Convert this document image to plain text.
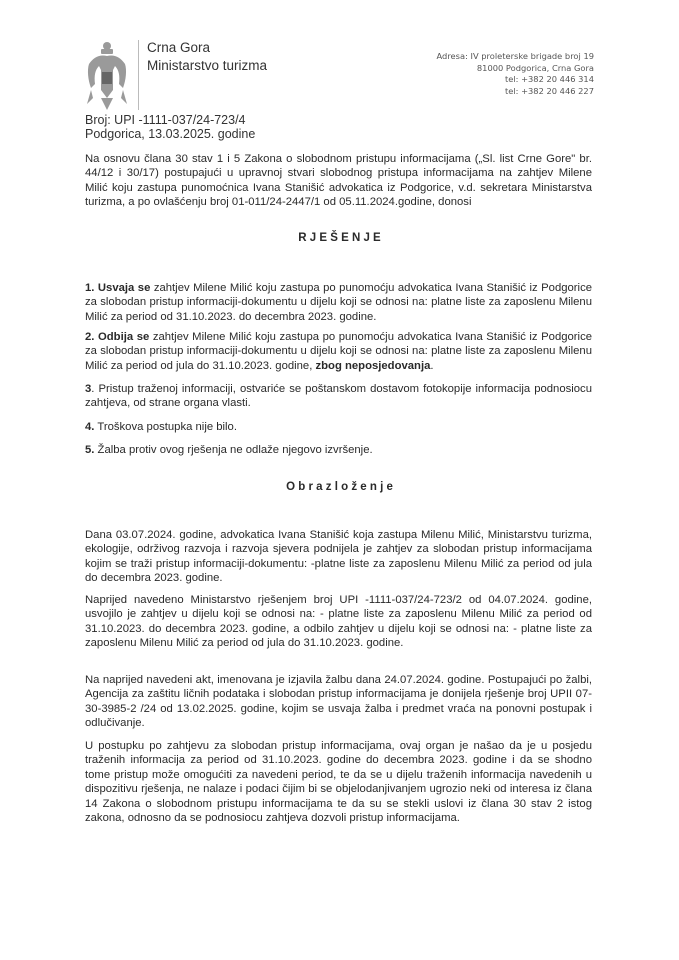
Crna Gora
Ministarstvo turizma
Adresa: IV proleterske brigade broj 19
81000 Podgorica, Crna Gora
tel: +382 20 446 314
tel: +382 20 446 227
Broj: UPI -1111-037/24-723/4
Podgorica, 13.03.2025. godine
Na osnovu člana 30 stav 1 i 5 Zakona o slobodnom pristupu informacijama („Sl. list Crne Gore" br.
44/12 i 30/17) postupajući u upravnoj stvari slobodnog pristupa informacijama na zahtjev Milene
Milić koju zastupa punomoćnica Ivana Stanišić advokatica iz Podgorice, v.d. sekretara Ministarstva
turizma, a po ovlašćenju broj 01-011/24-2447/1 od 05.11.2024.godine, donosi
R J E Š E N J E
1. Usvaja se zahtjev Milene Milić koju zastupa po punomoćju advokatica Ivana Stanišić iz Podgorice
za slobodan pristup informaciji-dokumentu u dijelu koji se odnosi na: platne liste za zaposlenu Milenu
Milić za period od 31.10.2023. do decembra 2023. godine.
2. Odbija se zahtjev Milene Milić koju zastupa po punomoćju advokatica Ivana Stanišić iz Podgorice
za slobodan pristup informaciji-dokumentu u dijelu koji se odnosi na: platne liste za zaposlenu Milenu
Milić za period od jula do 31.10.2023. godine, zbog neposjedovanja.
3. Pristup traženoj informaciji, ostvariće se poštanskom dostavom fotokopije informacija podnosiocu
zahtjeva, od strane organa vlasti.
4. Troškova postupka nije bilo.
5. Žalba protiv ovog rješenja ne odlaže njegovo izvršenje.
O b r a z l o ž e n j e
Dana 03.07.2024. godine, advokatica Ivana Stanišić koja zastupa Milenu Milić, Ministarstvu turizma,
ekologije, održivog razvoja i razvoja sjevera podnijela je zahtjev za slobodan pristup informacijama
kojim se traži pristup informaciji-dokumentu: -platne liste za zaposlenu Milenu Milić za period od jula
do decembra 2023. godine.
Naprijed navedeno Ministarstvo rješenjem broj UPI -1111-037/24-723/2 od 04.07.2024. godine,
usvojilo je zahtjev u dijelu koji se odnosi na: - platne liste za zaposlenu Milenu Milić za period od
31.10.2023. do decembra 2023. godine, a odbilo zahtjev u dijelu koji se odnosi na: - platne liste za
zaposlenu Milenu Milić za period od jula do 31.10.2023. godine.
Na naprijed navedeni akt, imenovana je izjavila žalbu dana 24.07.2024. godine. Postupajući po žalbi,
Agencija za zaštitu ličnih podataka i slobodan pristup informacijama je donijela rješenje broj UPII 07-
30-3985-2 /24 od 13.02.2025. godine, kojim se usvaja žalba i predmet vraća na ponovni postupak i
odlučivanje.
U postupku po zahtjevu za slobodan pristup informacijama, ovaj organ je našao da je u posjedu
traženih informacija za period od 31.10.2023. godine do decembra 2023. godine i da se shodno
tome pristup može omogućiti za navedeni period, te da se u dijelu traženih informacija navedenih u
dispozitivu rješenja, ne nalaze i podaci čijim bi se objelodanjivanjem ugrozio neki od interesa iz člana
14 Zakona o slobodnom pristupu informacijama te da su se stekli uslovi iz člana 30 stav 2 istog
zakona, odnosno da se podnosiocu zahtjeva dozvoli pristup informacijama.
